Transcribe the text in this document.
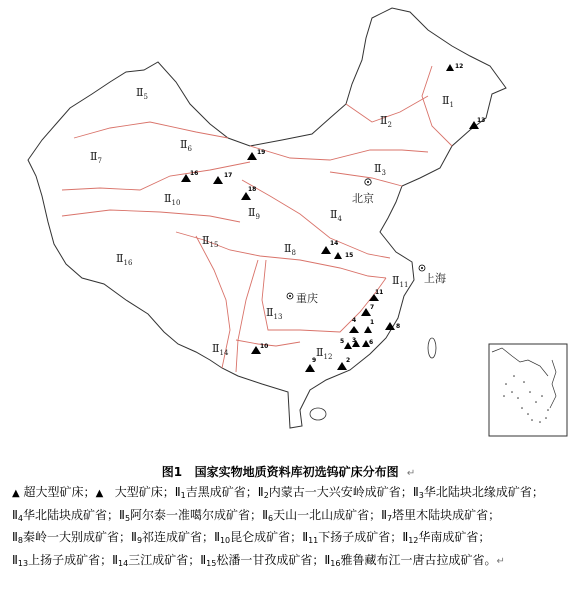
北京
上海
重庆
$Ⅱ_1$
$Ⅱ_2$
$Ⅱ_3$
$Ⅱ_4$
$Ⅱ_5$
$Ⅱ_6$
$Ⅱ_7$
$Ⅱ_8$
$Ⅱ_9$
$Ⅱ_{10}$
$Ⅱ_{11}$
$Ⅱ_{12}$
$Ⅱ_{13}$
$Ⅱ_{14}$
$Ⅱ_{15}$
$Ⅱ_{16}$
12
13
19
16	17
18
14
15
11
7
4 1
8
5 3 6
2
9
10
图1 国家实物地质资料库初选钨矿床分布图 ↵
▲ 超大型矿床；▲ 大型矿床；$Ⅱ_1$吉黑成矿省；$Ⅱ_2$内蒙古一大兴安岭成矿省；$Ⅱ_3$华北陆块北缘成矿省；$Ⅱ_4$华北陆块成矿省；$Ⅱ_5$阿尔泰一准噶尔成矿省；$Ⅱ_6$天山一北山成矿省；$Ⅱ_7$塔里木陆块成矿省；$Ⅱ_8$秦岭一大别成矿省；$Ⅱ_9$祁连成矿省；$Ⅱ_{10}$昆仑成矿省；$Ⅱ_{11}$下扬子成矿省；$Ⅱ_{12}$华南成矿省；$Ⅱ_{13}$上扬子成矿省；$Ⅱ_{14}$三江成矿省；$Ⅱ_{15}$松潘一甘孜成矿省；$Ⅱ_{16}$雅鲁藏布江一唐古拉成矿省。↵
